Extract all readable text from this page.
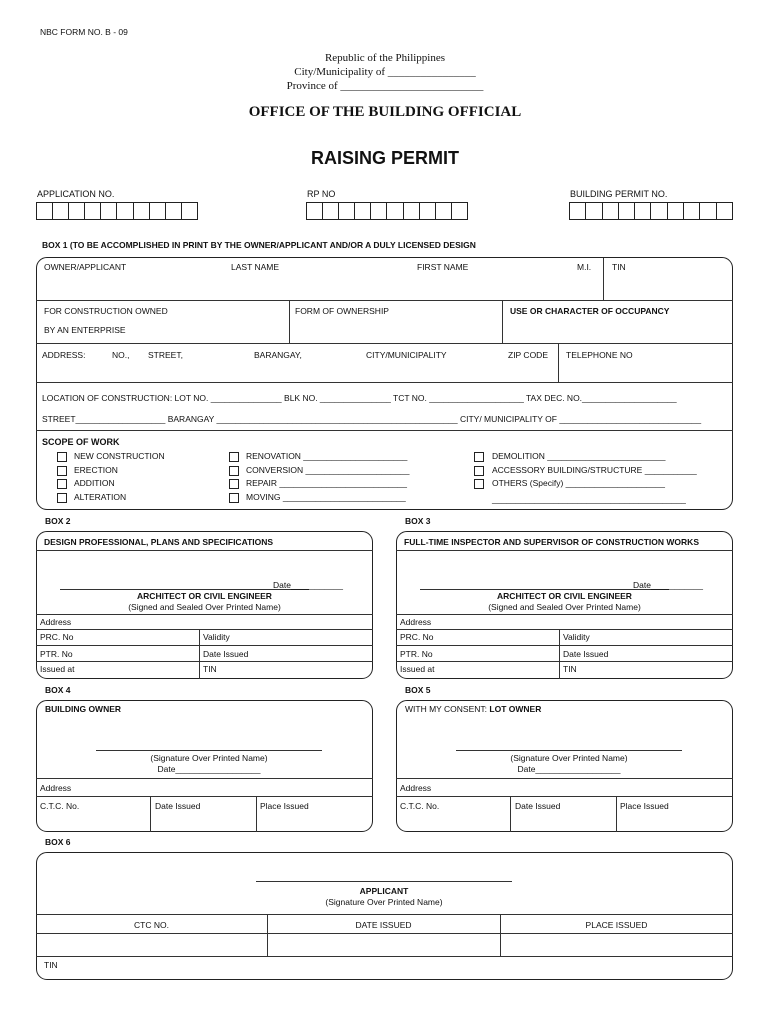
NBC FORM NO. B - 09
Republic of the Philippines
City/Municipality of ________________
Province of __________________________
OFFICE OF THE BUILDING OFFICIAL
RAISING PERMIT
APPLICATION NO.	RP NO	BUILDING PERMIT NO.
BOX 1 (TO BE ACCOMPLISHED IN PRINT BY THE OWNER/APPLICANT AND/OR A DULY LICENSED DESIGN
OWNER/APPLICANT	LAST NAME	FIRST NAME	M.I. TIN
FOR CONSTRUCTION OWNED
BY AN ENTERPRISE
FORM OF OWNERSHIP	USE OR CHARACTER OF OCCUPANCY
ADDRESS:	NO., STREET,	BARANGAY,	CITY/MUNICIPALITY	ZIP CODE TELEPHONE NO
LOCATION OF CONSTRUCTION: LOT NO. _______________ BLK NO. _______________ TCT NO. ____________________ TAX DEC. NO.____________________
STREET___________________ BARANGAY ___________________________________________________ CITY/ MUNICIPALITY OF ______________________________
SCOPE OF WORK
NEW CONSTRUCTION
ERECTION
ADDITION
ALTERATION
RENOVATION ______________________
CONVERSION ______________________
REPAIR ___________________________
MOVING __________________________
DEMOLITION _________________________
ACCESSORY BUILDING/STRUCTURE ___________
OTHERS (Specify) _____________________
_________________________________________
BOX 2	BOX 3
DESIGN PROFESSIONAL, PLANS AND SPECIFICATIONS
Date___________
ARCHITECT OR CIVIL ENGINEER
(Signed and Sealed Over Printed Name)
Address
PRC. No	Validity
PTR. No	Date Issued
Issued at	TIN
FULL-TIME INSPECTOR AND SUPERVISOR OF CONSTRUCTION WORKS
Date___________
ARCHITECT OR CIVIL ENGINEER
(Signed and Sealed Over Printed Name)
Address
PRC. No	Validity
PTR. No	Date Issued
Issued at	TIN
BOX 4	BOX 5
BUILDING OWNER
(Signature Over Printed Name)
Date__________________
Address
C.T.C. No.	Date Issued	Place Issued
WITH MY CONSENT: LOT OWNER
(Signature Over Printed Name)
Date__________________
Address
C.T.C. No.	Date Issued	Place Issued
BOX 6
APPLICANT
(Signature Over Printed Name)
CTC NO.	DATE ISSUED	PLACE ISSUED
TIN
